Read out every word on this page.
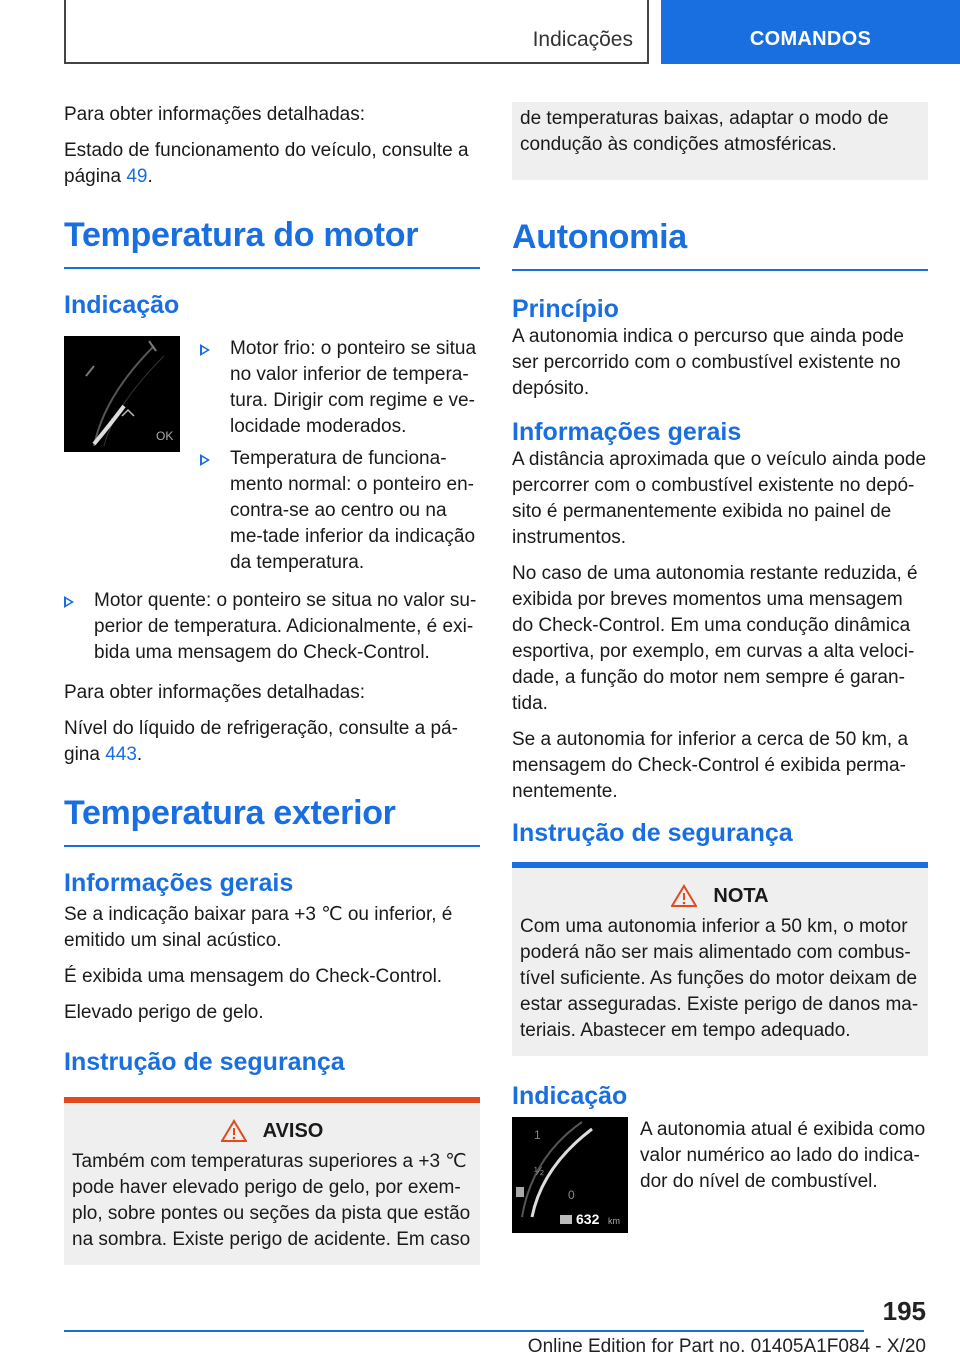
Indicações	COMANDOS

Para obter informações detalhadas:

Estado de funcionamento do veículo, consulte a página 49.

Temperatura do motor
Indicação
OK
Motor frio: o ponteiro se situa no valor inferior de tempera-tura. Dirigir com regime e ve-locidade moderados.
Temperatura de funciona-mento normal: o ponteiro en-contra-se ao centro ou na me-tade inferior da indicação da temperatura.
Motor quente: o ponteiro se situa no valor su-perior de temperatura. Adicionalmente, é exi-bida uma mensagem do Check-Control.

Para obter informações detalhadas:

Nível do líquido de refrigeração, consulte a pá-gina 443.

Temperatura exterior
Informações gerais

Se a indicação baixar para +3 ℃ ou inferior, é emitido um sinal acústico.

É exibida uma mensagem do Check-Control.

Elevado perigo de gelo.

Instrução de segurança
AVISO

Também com temperaturas superiores a +3 ℃ pode haver elevado perigo de gelo, por exem-plo, sobre pontes ou seções da pista que estão na sombra. Existe perigo de acidente. Em caso

de temperaturas baixas, adaptar o modo de condução às condições atmosféricas.

Autonomia
Princípio

A autonomia indica o percurso que ainda pode ser percorrido com o combustível existente no depósito.

Informações gerais

A distância aproximada que o veículo ainda pode percorrer com o combustível existente no depó-sito é permanentemente exibida no painel de instrumentos.

No caso de uma autonomia restante reduzida, é exibida por breves momentos uma mensagem do Check-Control. Em uma condução dinâmica esportiva, por exemplo, em curvas a alta veloci-dade, a função do motor nem sempre é garan-tida.

Se a autonomia for inferior a cerca de 50 km, a mensagem do Check-Control é exibida perma-nentemente.

Instrução de segurança
NOTA

Com uma autonomia inferior a 50 km, o motor poderá não ser mais alimentado com combus-tível suficiente. As funções do motor deixam de estar asseguradas. Existe perigo de danos ma-teriais. Abastecer em tempo adequado.

Indicação
1
½
0
632 km

A autonomia atual é exibida como valor numérico ao lado do indica-dor do nível de combustível.

195
Online Edition for Part no. 01405A1F084 - X/20
